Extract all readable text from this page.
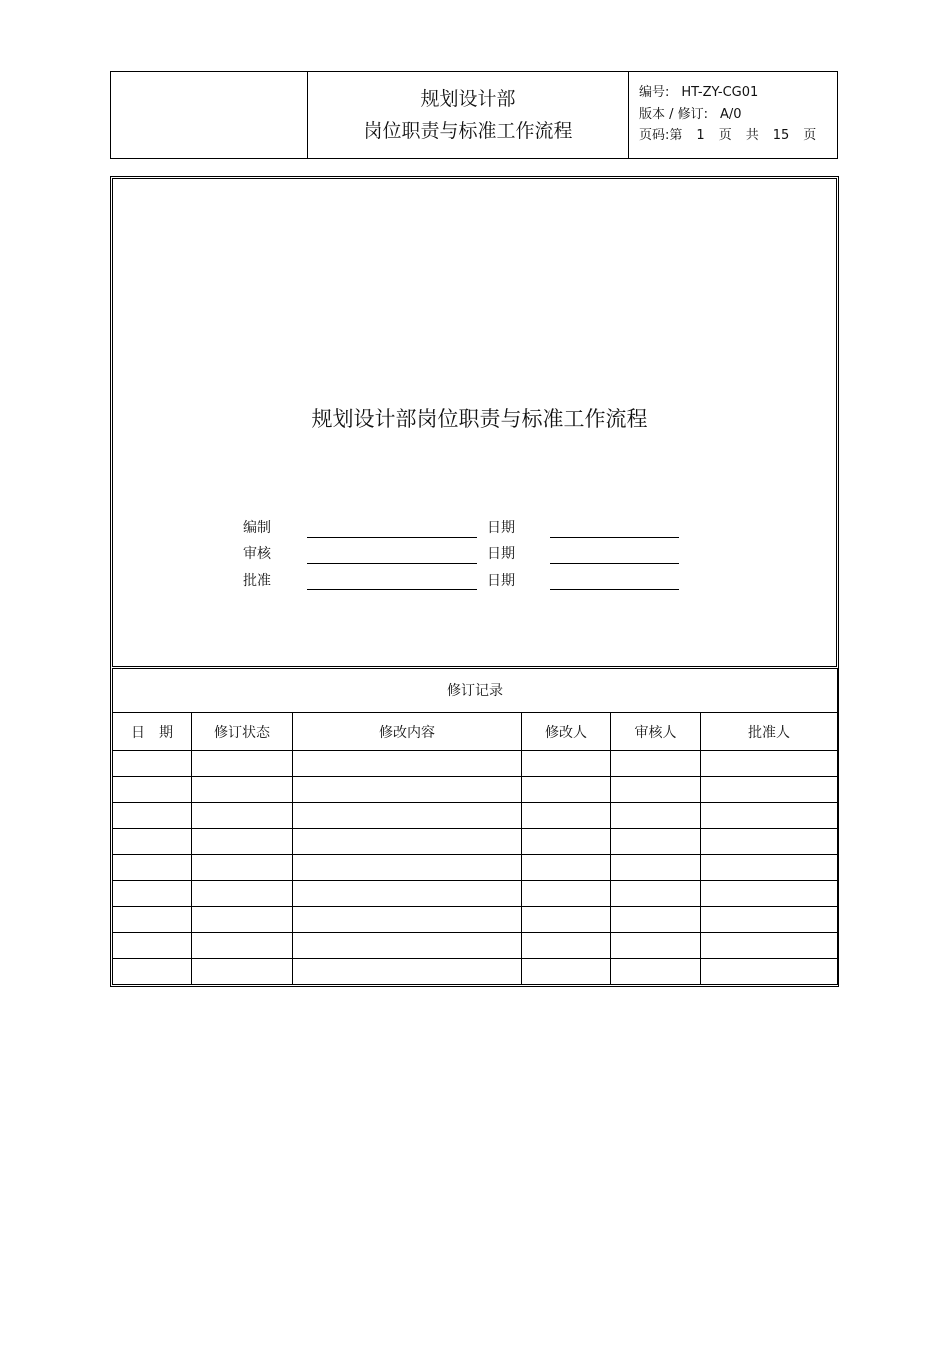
规划设计部
岗位职责与标准工作流程
编号: HT-ZY-CG01
版本 / 修订: A/0
页码: 第 1 页 共 15 页
规划设计部岗位职责与标准工作流程
编制	日期
审核	日期
批准	日期
修订记录					
日　期	修订状态	修改内容	修改人	审核人	批准人
